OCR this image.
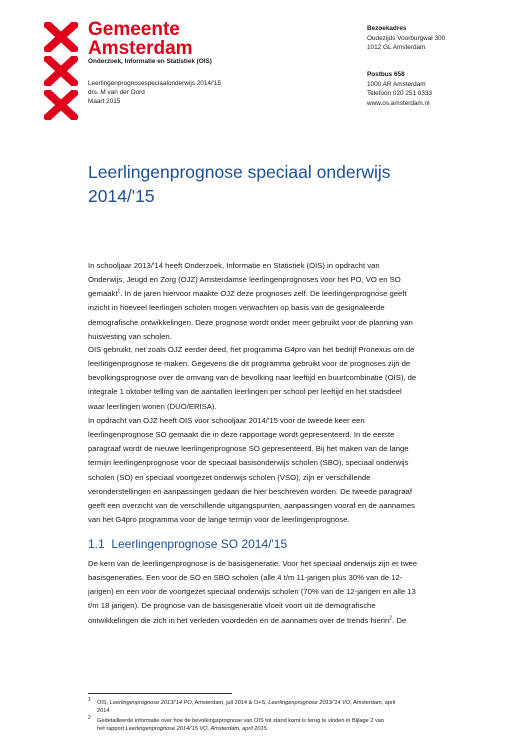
Gemeente
Amsterdam
Onderzoek, Informatie en Statistiek (OIS)
Leerlingenprognosespeciaalonderwijs 2014/'15
drs. M van der Oord
Maart 2015
Bezoekadres
Oudezijds Voorburgwal 300
1012 GL Amsterdam
Postbus 658
1000 AR Amsterdam
Telefoon 020 251 0333
www.os.amsterdam.nl
Leerlingenprognose speciaal onderwijs
2014/'15
In schooljaar 2013/'14 heeft Onderzoek, Informatie en Statistiek (OIS) in opdracht van
Onderwijs, Jeugd en Zorg (OJZ) Amsterdamse leerlingenprognoses voor het PO, VO en SO
gemaakt$^1$. In de jaren hiervoor maakte OJZ deze prognoses zelf. De leerlingenprognose geeft
inzicht in hoeveel leerlingen scholen mogen verwachten op basis van de gesignaleerde
demografische ontwikkelingen. Deze prognose wordt onder meer gebruikt voor de planning van
huisvesting van scholen.
OIS gebruikt, net zoals OJZ eerder deed, het programma G4pro van het bedrijf Pronexus om de
leerlingenprognose te maken. Gegevens die dit programma gebruikt voor de prognoses zijn de
bevolkingsprognose over de omvang van de bevolking naar leeftijd en buurtcombinatie (OIS), de
integrale 1 oktober telling van de aantallen leerlingen per school per leeftijd en het stadsdeel
waar leerlingen wonen (DUO/ERISA).
In opdracht van OJZ heeft OIS voor schooljaar 2014/'15 voor de tweede keer een
leerlingenprognose SO gemaakt die in deze rapportage wordt gepresenteerd. In de eerste
paragraaf wordt de nieuwe leerlingenprognose SO gepresenteerd. Bij het maken van de lange
termijn leerlingenprognose voor de speciaal basisonderwijs scholen (SBO), speciaal onderwijs
scholen (SO) en speciaal voortgezet onderwijs scholen (VSO), zijn er verschillende
veronderstellingen en aanpassingen gedaan die hier beschreven worden. De tweede paragraaf
geeft een overzicht van de verschillende uitgangspunten, aanpassingen vooraf en de aannames
van het G4pro programma voor de lange termijn voor de leerlingenprognose.
1.1 Leerlingenprognose SO 2014/'15
De kern van de leerlingenprognose is de basisgeneratie. Voor het speciaal onderwijs zijn er twee
basisgeneraties. Een voor de SO en SBO scholen (alle 4 t/m 11-jarigen plus 30% van de 12-
jarigen) en een voor de voortgezet speciaal onderwijs scholen (70% van de 12-jarigen en alle 13
t/m 18 jarigen). De prognose van de basisgeneratie vloeit voort uit de demografische
ontwikkelingen die zich in het verleden voordeden en de aannames over de trends hierin$^2$. De
$^1$ OIS, Leerlingenprognose 2013/'14 PO, Amsterdam, juli 2014 & O+S, Leerlingenprognose 2013/'14 VO, Amsterdam, april
2014
$^2$ Gedetailleerde informatie over hoe de bevolkingsprognose van OIS tot stand komt is terug te vinden in Bijlage 2 van
het rapport Leerlingenprognose 2014/'15 VO, Amsterdam, april 2015.
